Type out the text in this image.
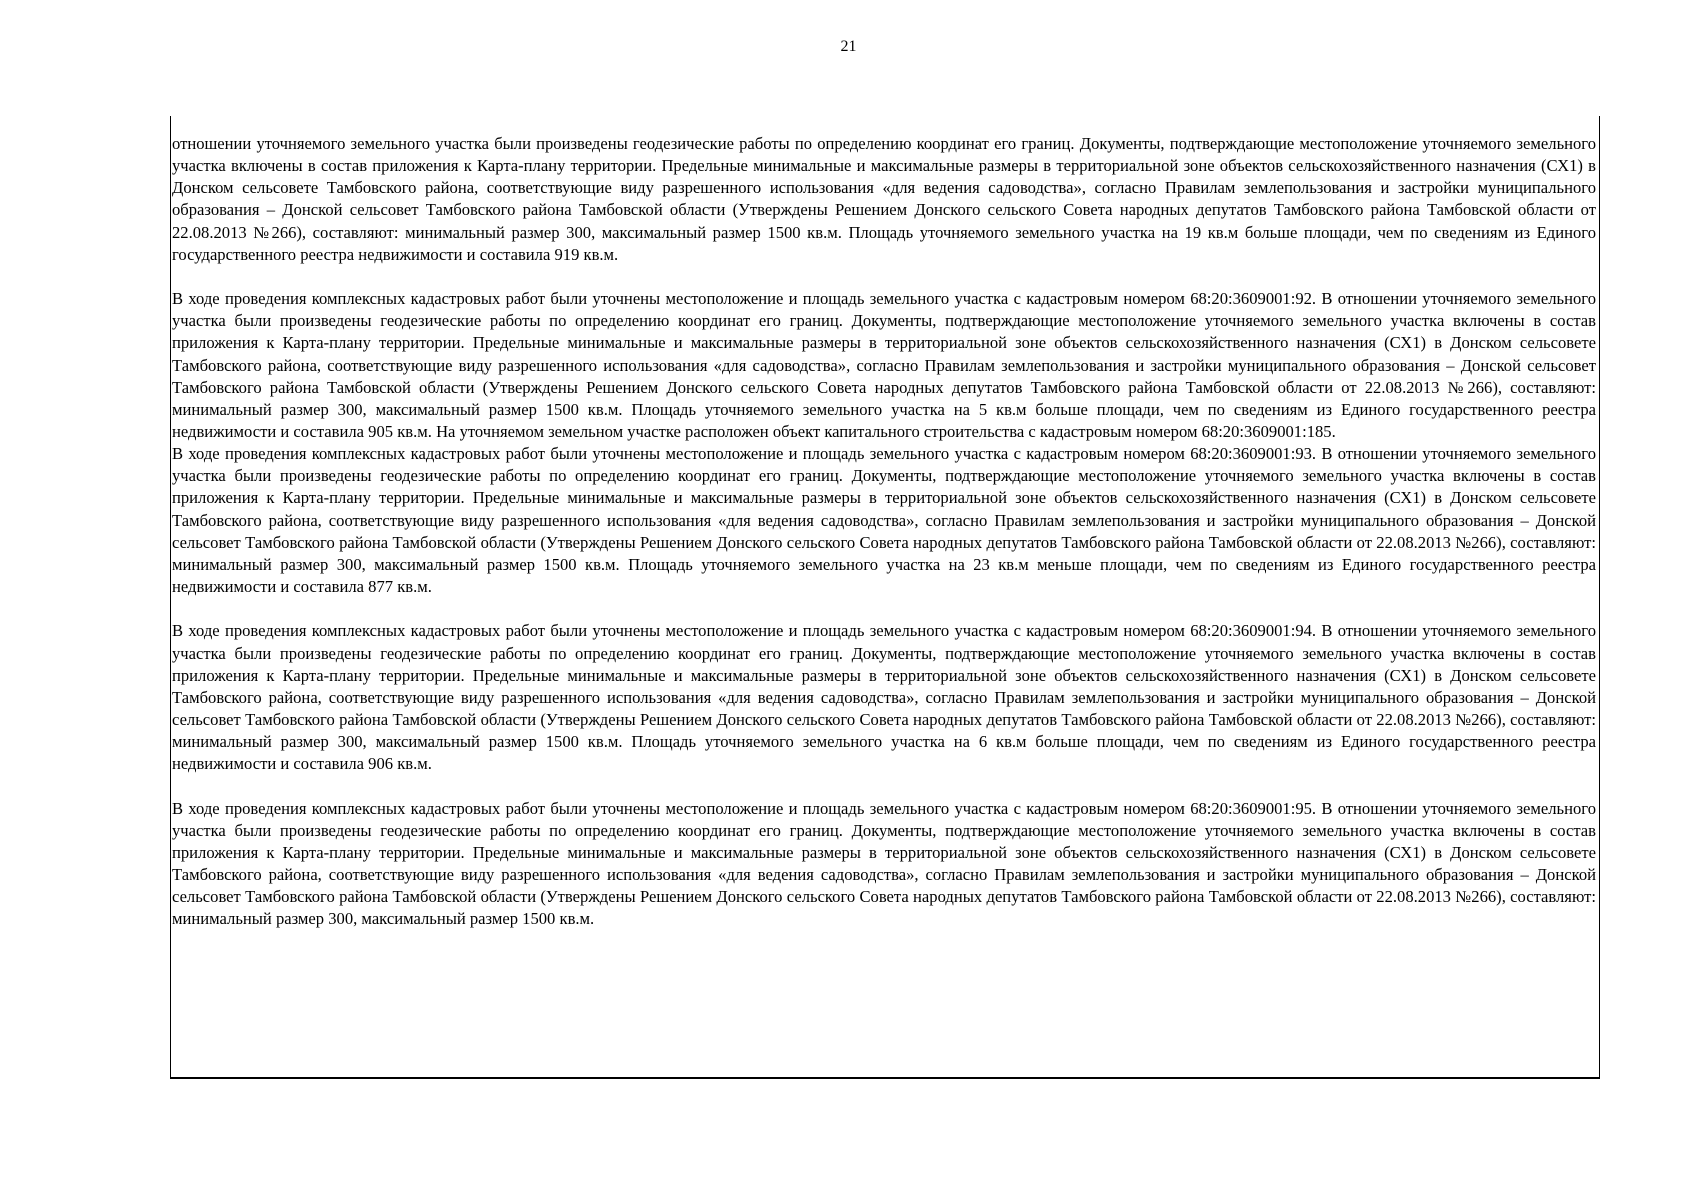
21

отношении уточняемого земельного участка были произведены геодезические работы по определению координат его границ. Документы, подтверждающие местоположение уточняемого земельного участка включены в состав приложения к Карта-плану территории. Предельные минимальные и максимальные размеры в территориальной зоне объектов сельскохозяйственного назначения (СХ1) в Донском сельсовете Тамбовского района, соответствующие виду разрешенного использования «для ведения садоводства», согласно Правилам землепользования и застройки муниципального образования – Донской сельсовет Тамбовского района Тамбовской области (Утверждены Решением Донского сельского Совета народных депутатов Тамбовского района Тамбовской области от 22.08.2013 №266), составляют: минимальный размер 300, максимальный размер 1500 кв.м. Площадь уточняемого земельного участка на 19 кв.м больше площади, чем по сведениям из Единого государственного реестра недвижимости и составила 919 кв.м.

В ходе проведения комплексных кадастровых работ были уточнены местоположение и площадь земельного участка с кадастровым номером 68:20:3609001:92. В отношении уточняемого земельного участка были произведены геодезические работы по определению координат его границ. Документы, подтверждающие местоположение уточняемого земельного участка включены в состав приложения к Карта-плану территории. Предельные минимальные и максимальные размеры в территориальной зоне объектов сельскохозяйственного назначения (СХ1) в Донском сельсовете Тамбовского района, соответствующие виду разрешенного использования «для садоводства», согласно Правилам землепользования и застройки муниципального образования – Донской сельсовет Тамбовского района Тамбовской области (Утверждены Решением Донского сельского Совета народных депутатов Тамбовского района Тамбовской области от 22.08.2013 №266), составляют: минимальный размер 300, максимальный размер 1500 кв.м. Площадь уточняемого земельного участка на 5 кв.м больше площади, чем по сведениям из Единого государственного реестра недвижимости и составила 905 кв.м. На уточняемом земельном участке расположен объект капитального строительства с кадастровым номером 68:20:3609001:185.
В ходе проведения комплексных кадастровых работ были уточнены местоположение и площадь земельного участка с кадастровым номером 68:20:3609001:93. В отношении уточняемого земельного участка были произведены геодезические работы по определению координат его границ. Документы, подтверждающие местоположение уточняемого земельного участка включены в состав приложения к Карта-плану территории. Предельные минимальные и максимальные размеры в территориальной зоне объектов сельскохозяйственного назначения (СХ1) в Донском сельсовете Тамбовского района, соответствующие виду разрешенного использования «для ведения садоводства», согласно Правилам землепользования и застройки муниципального образования – Донской сельсовет Тамбовского района Тамбовской области (Утверждены Решением Донского сельского Совета народных депутатов Тамбовского района Тамбовской области от 22.08.2013 №266), составляют: минимальный размер 300, максимальный размер 1500 кв.м. Площадь уточняемого земельного участка на 23 кв.м меньше площади, чем по сведениям из Единого государственного реестра недвижимости и составила 877 кв.м.

В ходе проведения комплексных кадастровых работ были уточнены местоположение и площадь земельного участка с кадастровым номером 68:20:3609001:94. В отношении уточняемого земельного участка были произведены геодезические работы по определению координат его границ. Документы, подтверждающие местоположение уточняемого земельного участка включены в состав приложения к Карта-плану территории. Предельные минимальные и максимальные размеры в территориальной зоне объектов сельскохозяйственного назначения (СХ1) в Донском сельсовете Тамбовского района, соответствующие виду разрешенного использования «для ведения садоводства», согласно Правилам землепользования и застройки муниципального образования – Донской сельсовет Тамбовского района Тамбовской области (Утверждены Решением Донского сельского Совета народных депутатов Тамбовского района Тамбовской области от 22.08.2013 №266), составляют: минимальный размер 300, максимальный размер 1500 кв.м. Площадь уточняемого земельного участка на 6 кв.м больше площади, чем по сведениям из Единого государственного реестра недвижимости и составила 906 кв.м.

В ходе проведения комплексных кадастровых работ были уточнены местоположение и площадь земельного участка с кадастровым номером 68:20:3609001:95. В отношении уточняемого земельного участка были произведены геодезические работы по определению координат его границ. Документы, подтверждающие местоположение уточняемого земельного участка включены в состав приложения к Карта-плану территории. Предельные минимальные и максимальные размеры в территориальной зоне объектов сельскохозяйственного назначения (СХ1) в Донском сельсовете Тамбовского района, соответствующие виду разрешенного использования «для ведения садоводства», согласно Правилам землепользования и застройки муниципального образования – Донской сельсовет Тамбовского района Тамбовской области (Утверждены Решением Донского сельского Совета народных депутатов Тамбовского района Тамбовской области от 22.08.2013 №266), составляют: минимальный размер 300, максимальный размер 1500 кв.м.
